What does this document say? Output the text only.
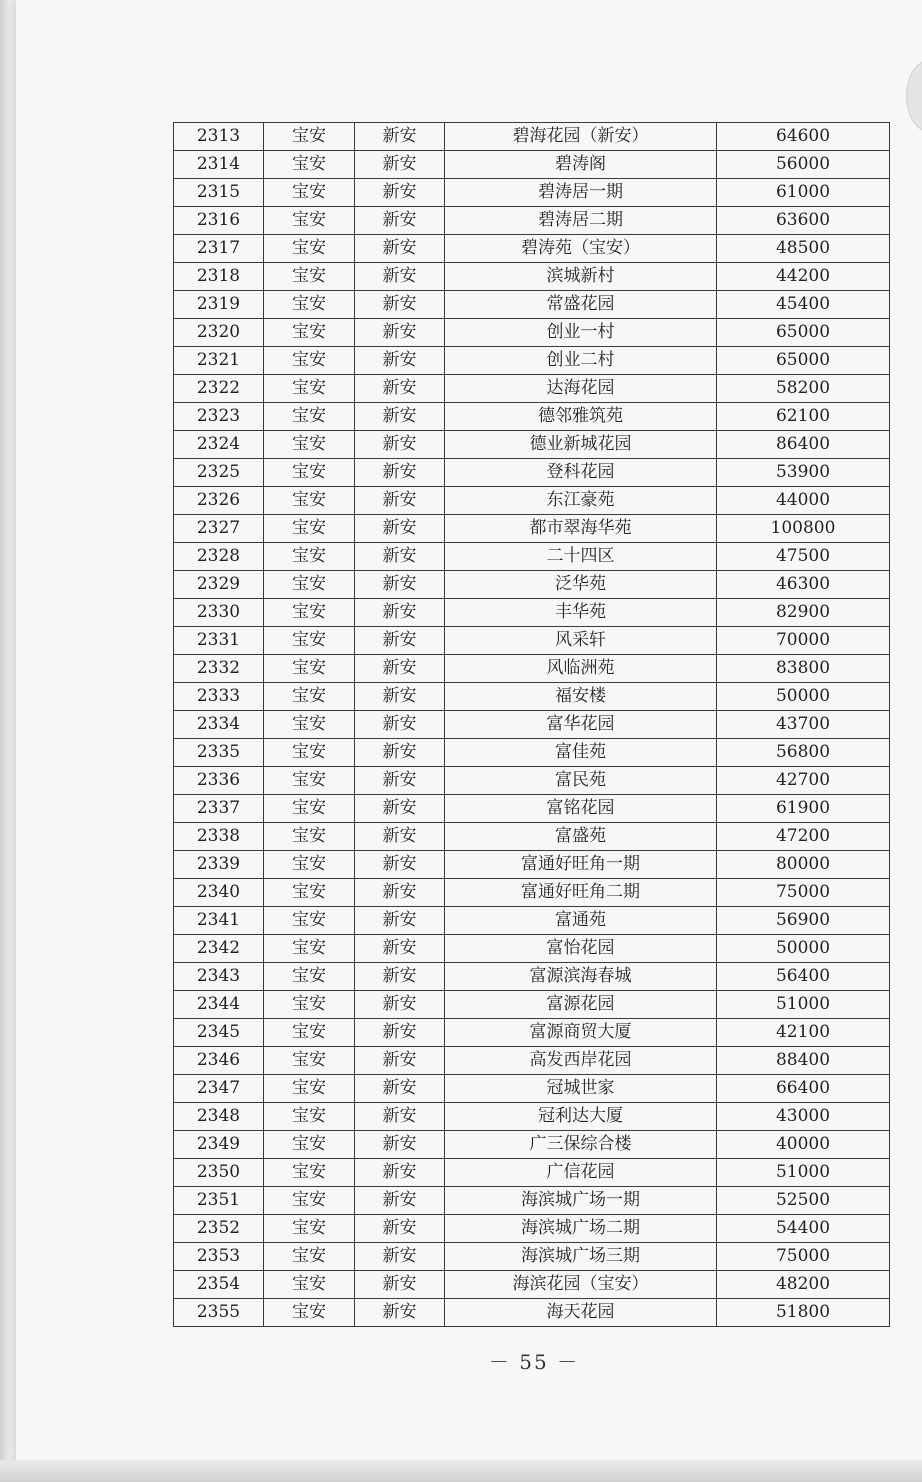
2313	宝安	新安	碧海花园（新安）	64600
2314	宝安	新安	碧涛阁	56000
2315	宝安	新安	碧涛居一期	61000
2316	宝安	新安	碧涛居二期	63600
2317	宝安	新安	碧涛苑（宝安）	48500
2318	宝安	新安	滨城新村	44200
2319	宝安	新安	常盛花园	45400
2320	宝安	新安	创业一村	65000
2321	宝安	新安	创业二村	65000
2322	宝安	新安	达海花园	58200
2323	宝安	新安	德邻雅筑苑	62100
2324	宝安	新安	德业新城花园	86400
2325	宝安	新安	登科花园	53900
2326	宝安	新安	东江豪苑	44000
2327	宝安	新安	都市翠海华苑	100800
2328	宝安	新安	二十四区	47500
2329	宝安	新安	泛华苑	46300
2330	宝安	新安	丰华苑	82900
2331	宝安	新安	风采轩	70000
2332	宝安	新安	风临洲苑	83800
2333	宝安	新安	福安楼	50000
2334	宝安	新安	富华花园	43700
2335	宝安	新安	富佳苑	56800
2336	宝安	新安	富民苑	42700
2337	宝安	新安	富铭花园	61900
2338	宝安	新安	富盛苑	47200
2339	宝安	新安	富通好旺角一期	80000
2340	宝安	新安	富通好旺角二期	75000
2341	宝安	新安	富通苑	56900
2342	宝安	新安	富怡花园	50000
2343	宝安	新安	富源滨海春城	56400
2344	宝安	新安	富源花园	51000
2345	宝安	新安	富源商贸大厦	42100
2346	宝安	新安	高发西岸花园	88400
2347	宝安	新安	冠城世家	66400
2348	宝安	新安	冠利达大厦	43000
2349	宝安	新安	广三保综合楼	40000
2350	宝安	新安	广信花园	51000
2351	宝安	新安	海滨城广场一期	52500
2352	宝安	新安	海滨城广场二期	54400
2353	宝安	新安	海滨城广场三期	75000
2354	宝安	新安	海滨花园（宝安）	48200
2355	宝安	新安	海天花园	51800
－ 55 －
